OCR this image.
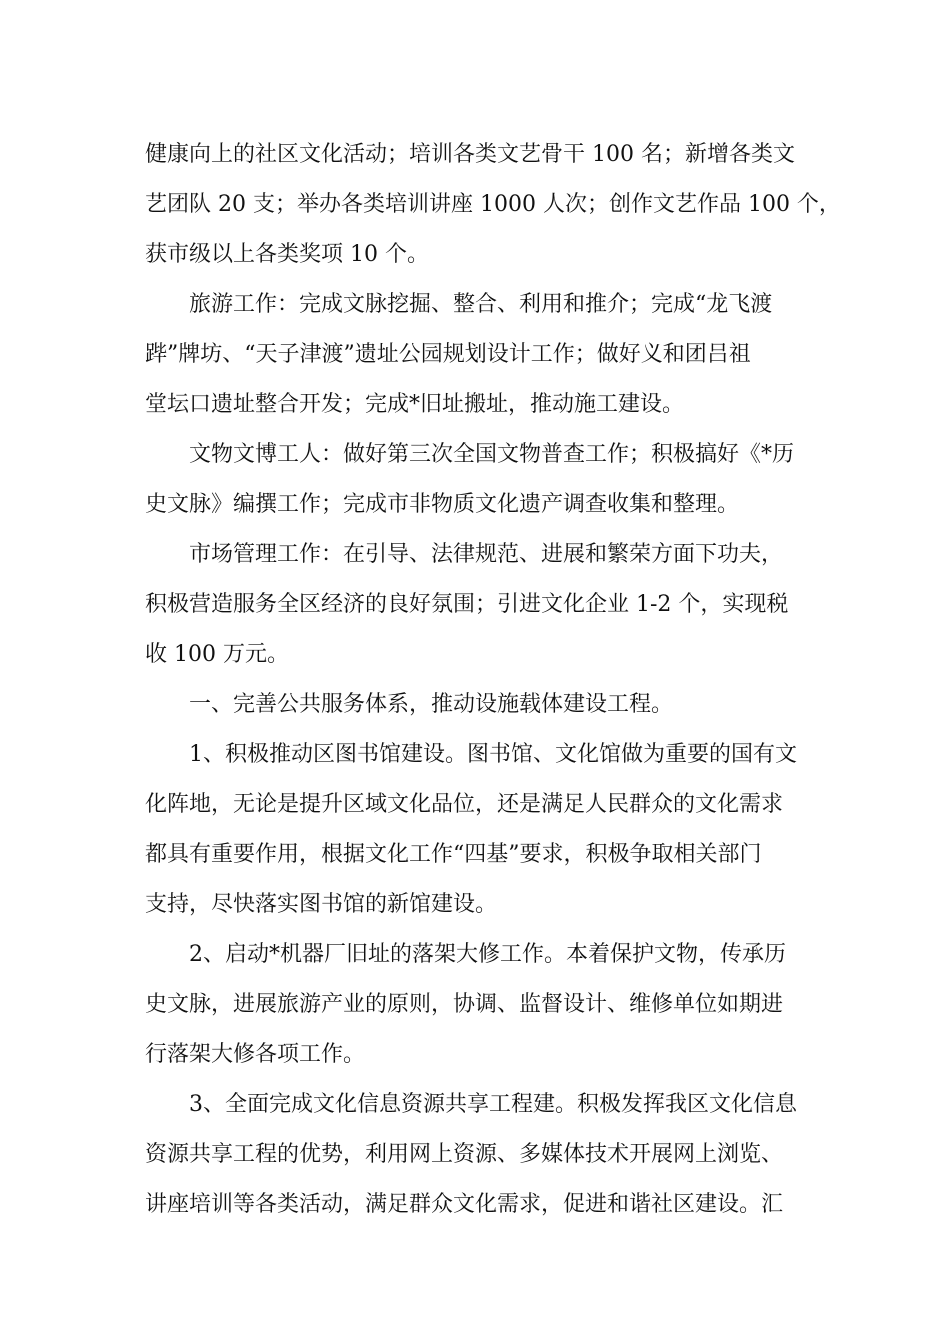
健康向上的社区文化活动；培训各类文艺骨干 100 名；新增各类文
艺团队 20 支；举办各类培训讲座 1000 人次；创作文艺作品 100 个，
获市级以上各类奖项 10 个。
　　旅游工作：完成文脉挖掘、整合、利用和推介；完成“龙飞渡
跸”牌坊、“天子津渡”遗址公园规划设计工作；做好义和团吕祖
堂坛口遗址整合开发；完成*旧址搬址，推动施工建设。
　　文物文博工人：做好第三次全国文物普查工作；积极搞好《*历
史文脉》编撰工作；完成市非物质文化遗产调查收集和整理。
　　市场管理工作：在引导、法律规范、进展和繁荣方面下功夫，
积极营造服务全区经济的良好氛围；引进文化企业 1-2 个，实现税
收 100 万元。
　　一、完善公共服务体系，推动设施载体建设工程。
　　1、积极推动区图书馆建设。图书馆、文化馆做为重要的国有文
化阵地，无论是提升区域文化品位，还是满足人民群众的文化需求
都具有重要作用，根据文化工作“四基”要求，积极争取相关部门
支持，尽快落实图书馆的新馆建设。
　　2、启动*机器厂旧址的落架大修工作。本着保护文物，传承历
史文脉，进展旅游产业的原则，协调、监督设计、维修单位如期进
行落架大修各项工作。
　　3、全面完成文化信息资源共享工程建。积极发挥我区文化信息
资源共享工程的优势，利用网上资源、多媒体技术开展网上浏览、
讲座培训等各类活动，满足群众文化需求，促进和谐社区建设。汇
